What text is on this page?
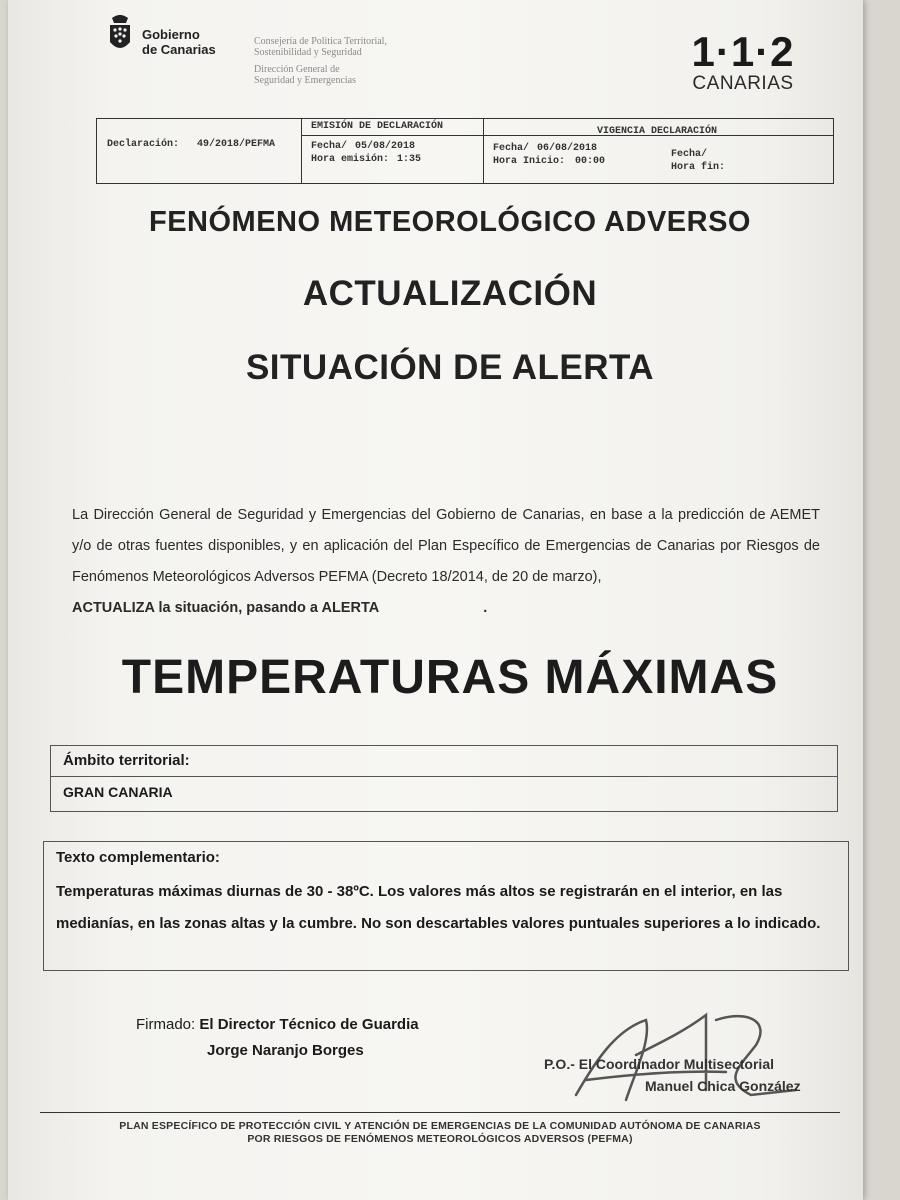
Gobierno
de Canarias
Consejería de Política Territorial,
Sostenibilidad y Seguridad
Dirección General de
Seguridad y Emergencias
1·1·2
CANARIAS
Declaración: 49/2018/PEFMA
EMISIÓN DE DECLARACIÓN
Fecha/ 05/08/2018
Hora emisión: 1:35
VIGENCIA DECLARACIÓN
Fecha/ 06/08/2018
Hora Inicio: 00:00
Fecha/
Hora fin:
FENÓMENO METEOROLÓGICO ADVERSO
ACTUALIZACIÓN
SITUACIÓN DE ALERTA
La Dirección General de Seguridad y Emergencias del Gobierno de Canarias, en base a la predicción de AEMET y/o de otras fuentes disponibles, y en aplicación del Plan Específico de Emergencias de Canarias por Riesgos de Fenómenos Meteorológicos Adversos PEFMA (Decreto 18/2014, de 20 de marzo),
ACTUALIZA la situación, pasando a ALERTA	.
TEMPERATURAS MÁXIMAS
Ámbito territorial:
GRAN CANARIA
Texto complementario:
Temperaturas máximas diurnas de 30 - 38ºC. Los valores más altos se registrarán en el interior, en las medianías, en las zonas altas y la cumbre. No son descartables valores puntuales superiores a lo indicado.
Firmado: El Director Técnico de Guardia
Jorge Naranjo Borges
P.O.- El Coordinador Multisectorial
Manuel Chica González
PLAN ESPECÍFICO DE PROTECCIÓN CIVIL Y ATENCIÓN DE EMERGENCIAS DE LA COMUNIDAD AUTÓNOMA DE CANARIAS
POR RIESGOS DE FENÓMENOS METEOROLÓGICOS ADVERSOS (PEFMA)
